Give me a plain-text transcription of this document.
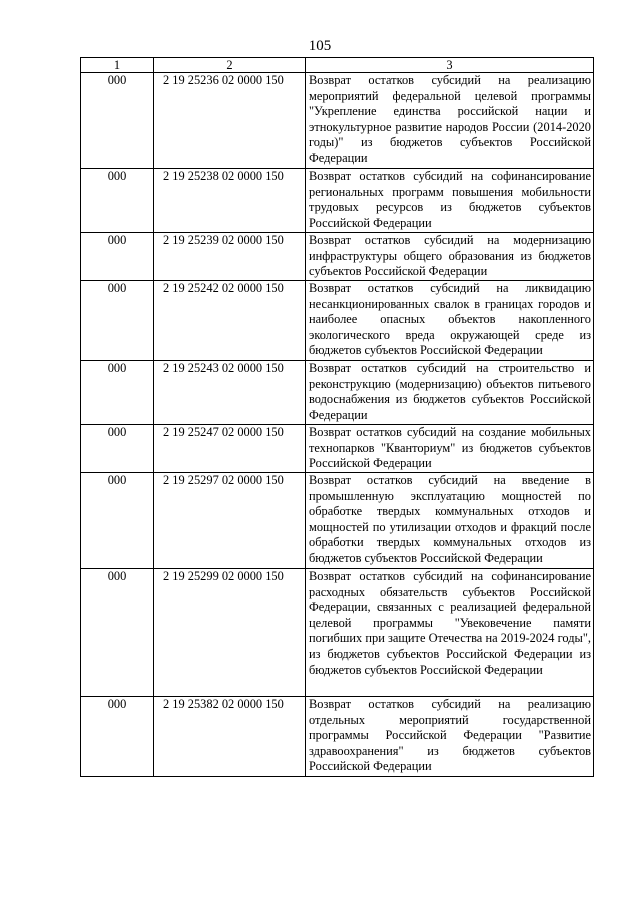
105
1	2	3
000	2 19 25236 02 0000 150	Возврат остатков субсидий на реализацию мероприятий федеральной целевой программы "Укрепление единства российской нации и этнокультурное развитие народов России (2014-2020 годы)" из бюджетов субъектов Российской Федерации
000	2 19 25238 02 0000 150	Возврат остатков субсидий на софинансирование региональных программ повышения мобильности трудовых ресурсов из бюджетов субъектов Российской Федерации
000	2 19 25239 02 0000 150	Возврат остатков субсидий на модернизацию инфраструктуры общего образования из бюджетов субъектов Российской Федерации
000	2 19 25242 02 0000 150	Возврат остатков субсидий на ликвидацию несанкционированных свалок в границах городов и наиболее опасных объектов накопленного экологического вреда окружающей среде из бюджетов субъектов Российской Федерации
000	2 19 25243 02 0000 150	Возврат остатков субсидий на строительство и реконструкцию (модернизацию) объектов питьевого водоснабжения из бюджетов субъектов Российской Федерации
000	2 19 25247 02 0000 150	Возврат остатков субсидий на создание мобильных технопарков "Кванториум" из бюджетов субъектов Российской Федерации
000	2 19 25297 02 0000 150	Возврат остатков субсидий на введение в промышленную эксплуатацию мощностей по обработке твердых коммунальных отходов и мощностей по утилизации отходов и фракций после обработки твердых коммунальных отходов из бюджетов субъектов Российской Федерации
000	2 19 25299 02 0000 150	Возврат остатков субсидий на софинансирование расходных обязательств субъектов Российской Федерации, связанных с реализацией федеральной целевой программы "Увековечение памяти погибших при защите Отечества на 2019-2024 годы", из бюджетов субъектов Российской Федерации из бюджетов субъектов Российской Федерации
000	2 19 25382 02 0000 150	Возврат остатков субсидий на реализацию отдельных мероприятий государственной программы Российской Федерации "Развитие здравоохранения" из бюджетов субъектов Российской Федерации
